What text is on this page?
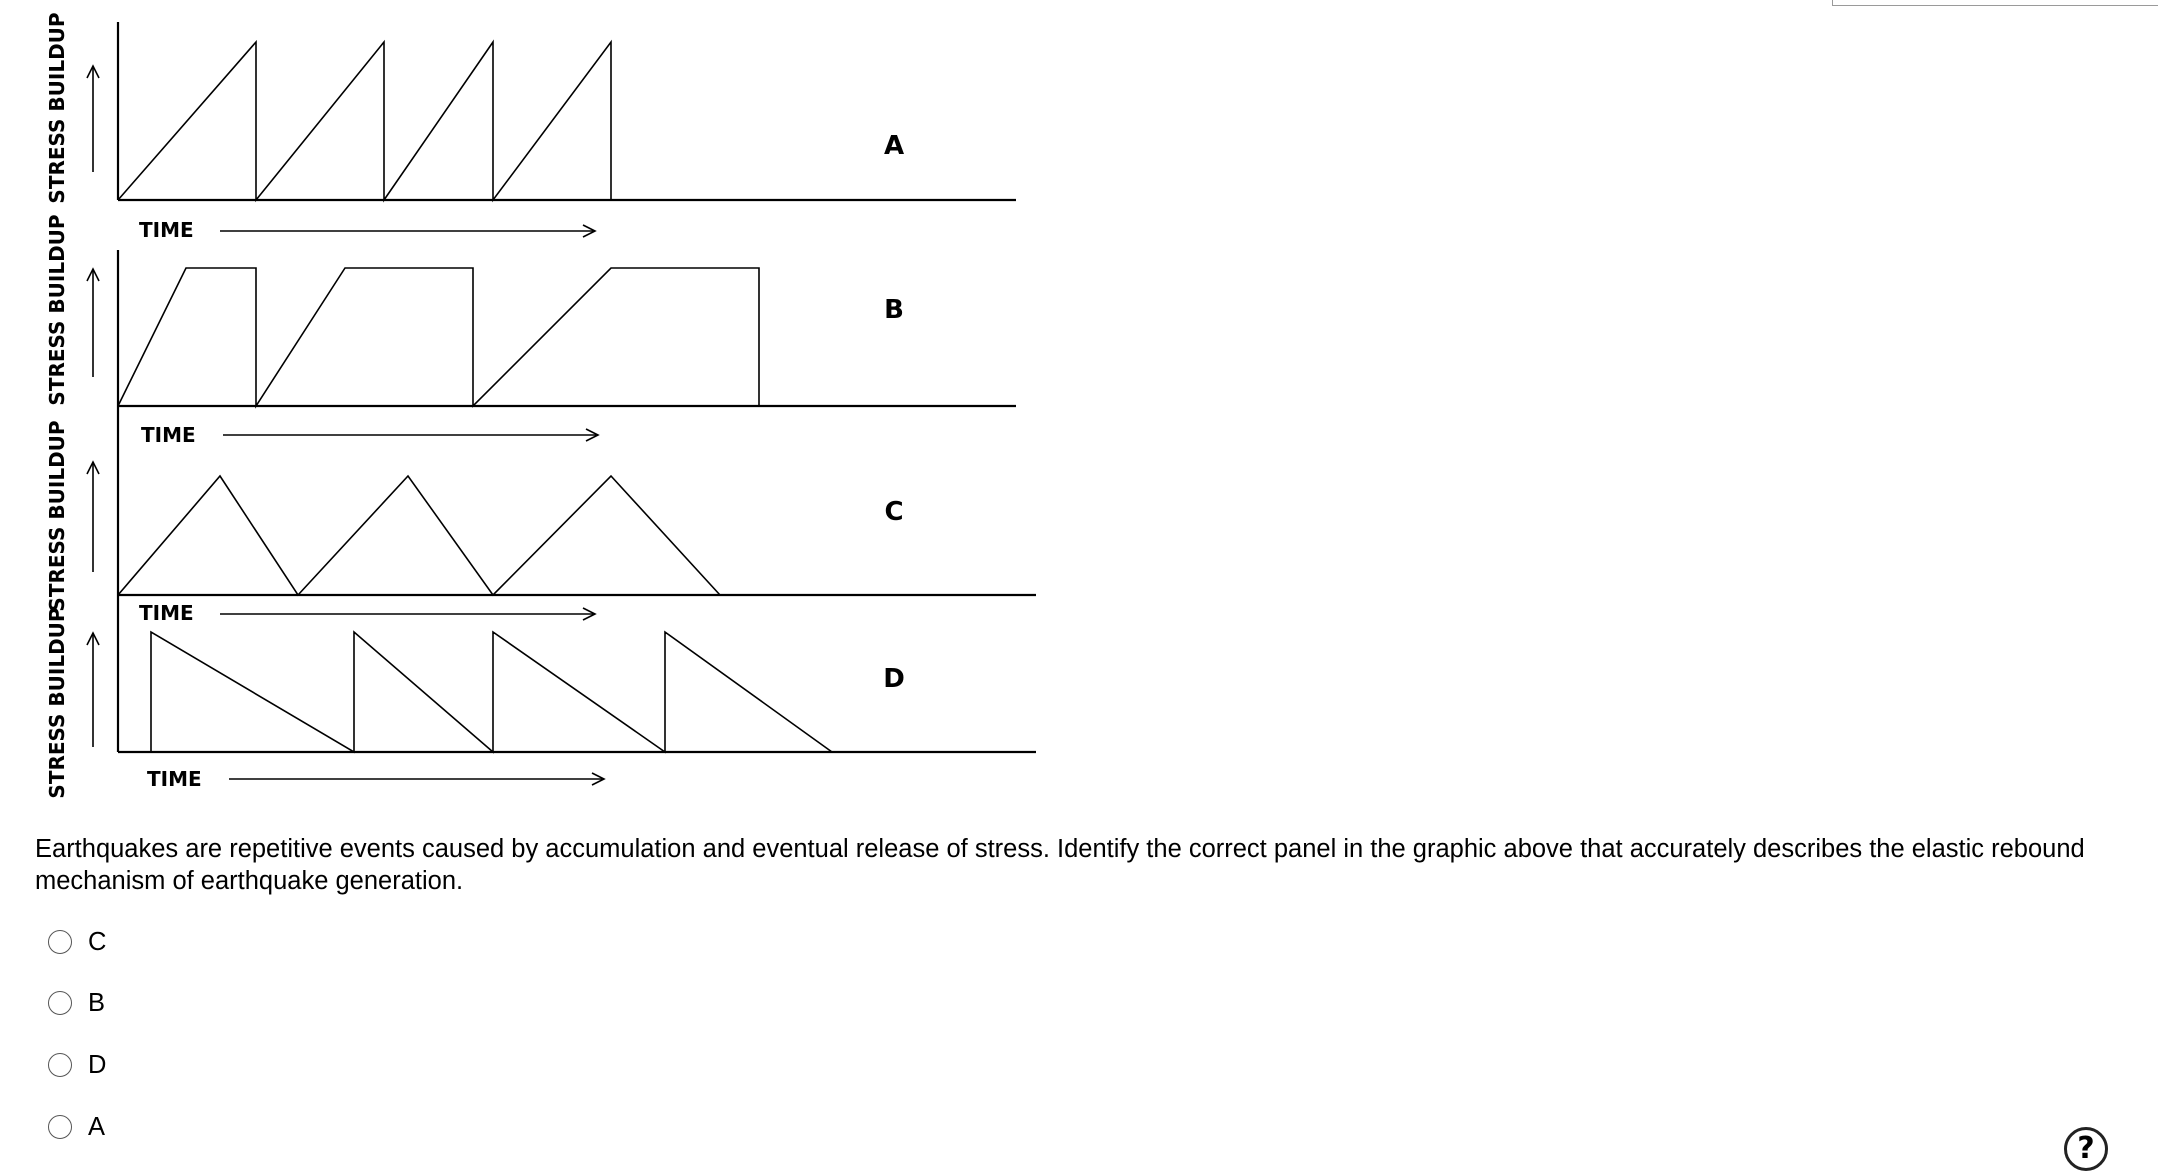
STRESS BUILDUP	A
TIME
STRESS BUILDUP	B
TIME
STRESS BUILDUP	C
TIME
STRESS BUILDUP	D
TIME

Earthquakes are repetitive events caused by accumulation and eventual release of stress. Identify the correct panel in the graphic above that accurately describes the elastic rebound mechanism of earthquake generation.

C
B
D
A
?
